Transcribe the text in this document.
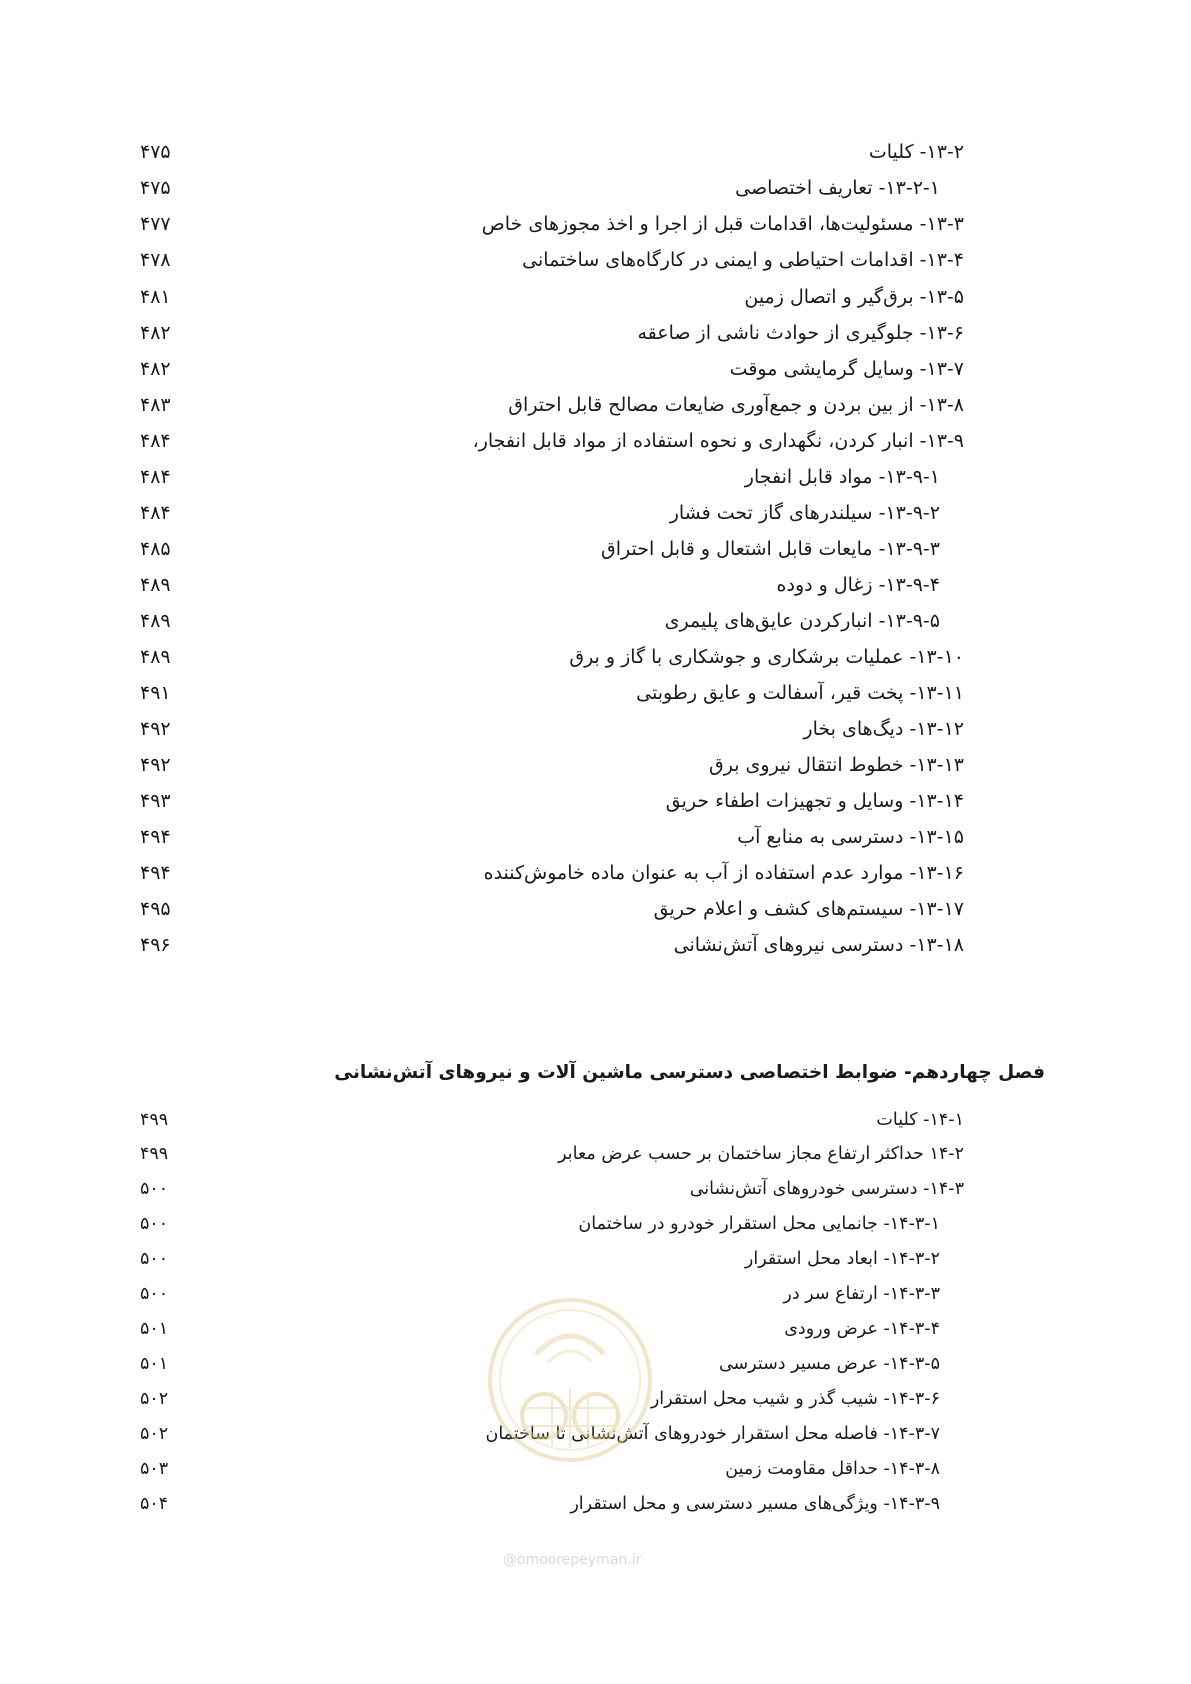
۱۳-۲- کلیات
۴۷۵
۱۳-۲-۱- تعاریف اختصاصی
۴۷۵
۱۳-۳- مسئولیت‌ها، اقدامات قبل از اجرا و اخذ مجوزهای خاص
۴۷۷
۱۳-۴- اقدامات احتیاطی و ایمنی در کارگاه‌های ساختمانی
۴۷۸
۱۳-۵- برق‌گیر و اتصال زمین
۴۸۱
۱۳-۶- جلوگیری از حوادث ناشی از صاعقه
۴۸۲
۱۳-۷- وسایل گرمایشی موقت
۴۸۲
۱۳-۸- از بین بردن و جمع‌آوری ضایعات مصالح قابل احتراق
۴۸۳
۱۳-۹- انبار کردن، نگهداری و نحوه استفاده از مواد قابل انفجار،
۴۸۴
۱۳-۹-۱- مواد قابل انفجار
۴۸۴
۱۳-۹-۲- سیلندرهای گاز تحت فشار
۴۸۴
۱۳-۹-۳- مایعات قابل اشتعال و قابل احتراق
۴۸۵
۱۳-۹-۴- زغال و دوده
۴۸۹
۱۳-۹-۵- انبارکردن عایق‌های پلیمری
۴۸۹
۱۳-۱۰- عملیات برشکاری و جوشکاری با گاز و برق
۴۸۹
۱۳-۱۱- پخت قیر، آسفالت و عایق رطوبتی
۴۹۱
۱۳-۱۲- دیگ‌های بخار
۴۹۲
۱۳-۱۳- خطوط انتقال نیروی برق
۴۹۲
۱۳-۱۴- وسایل و تجهیزات اطفاء حریق
۴۹۳
۱۳-۱۵- دسترسی به منابع آب
۴۹۴
۱۳-۱۶- موارد عدم استفاده از آب به عنوان ماده خاموش‌کننده
۴۹۴
۱۳-۱۷- سیستم‌های کشف و اعلام حریق
۴۹۵
۱۳-۱۸- دسترسی نیروهای آتش‌نشانی
۴۹۶
فصل چهاردهم- ضوابط اختصاصی دسترسی ماشین آلات و نیروهای آتش‌نشانی
۱۴-۱- کلیات
۴۹۹
۱۴-۲ حداکثر ارتفاع مجاز ساختمان بر حسب عرض معابر
۴۹۹
۱۴-۳- دسترسی خودروهای آتش‌نشانی
۵۰۰
۱۴-۳-۱- جانمایی محل استقرار خودرو در ساختمان
۵۰۰
۱۴-۳-۲- ابعاد محل استقرار
۵۰۰
۱۴-۳-۳- ارتفاع سر در
۵۰۰
۱۴-۳-۴- عرض ورودی
۵۰۱
۱۴-۳-۵- عرض مسیر دسترسی
۵۰۱
۱۴-۳-۶- شیب گذر و شیب محل استقرار
۵۰۲
۱۴-۳-۷- فاصله محل استقرار خودروهای آتش‌نشانی تا ساختمان
۵۰۲
۱۴-۳-۸- حداقل مقاومت زمین
۵۰۳
۱۴-۳-۹- ویژگی‌های مسیر دسترسی و محل استقرار
۵۰۴
@omoorepeyman.ir
